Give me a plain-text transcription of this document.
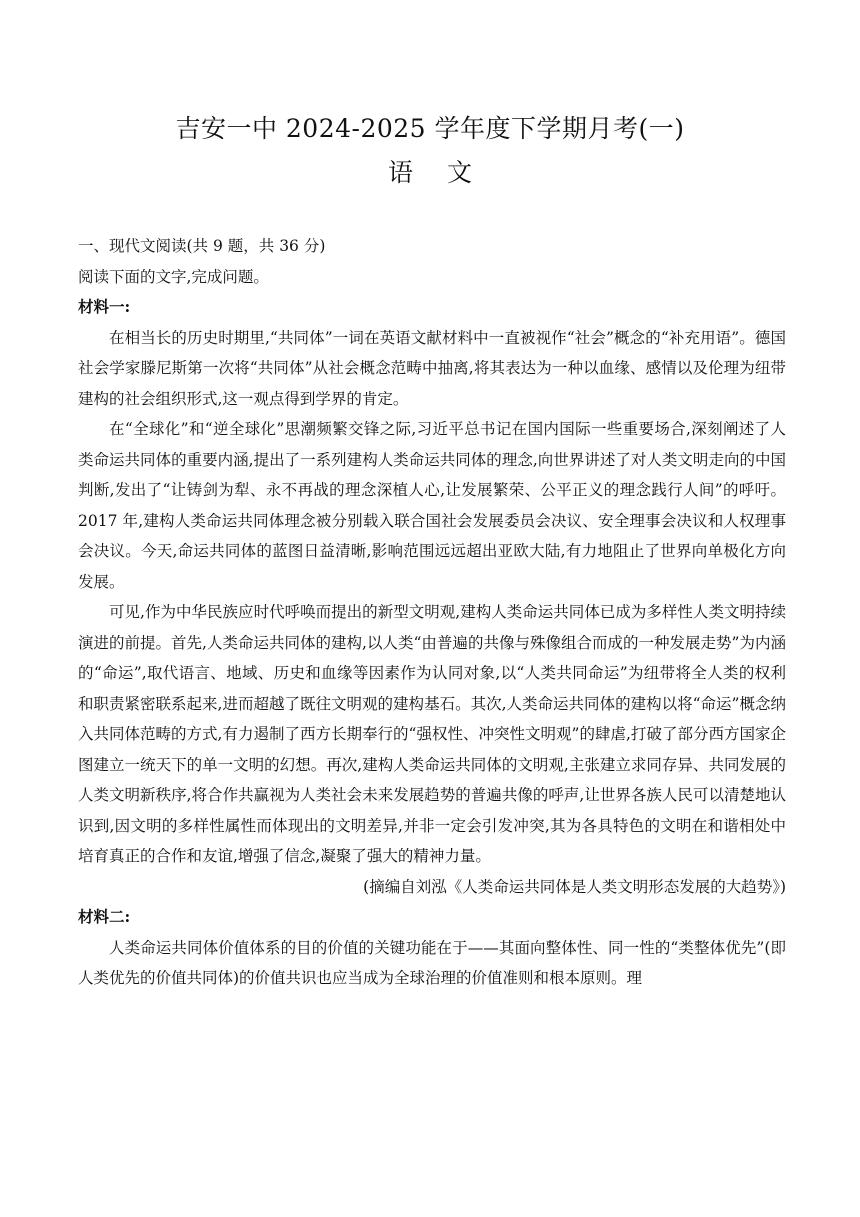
吉安一中 2024-2025 学年度下学期月考(一)
语 文

一、现代文阅读(共 9 题，共 36 分)

阅读下面的文字,完成问题。

材料一:

在相当长的历史时期里,“共同体”一词在英语文献材料中一直被视作“社会”概念的“补充用语”。德国社会学家滕尼斯第一次将“共同体”从社会概念范畴中抽离,将其表达为一种以血缘、感情以及伦理为纽带建构的社会组织形式,这一观点得到学界的肯定。

在“全球化”和“逆全球化”思潮频繁交锋之际,习近平总书记在国内国际一些重要场合,深刻阐述了人类命运共同体的重要内涵,提出了一系列建构人类命运共同体的理念,向世界讲述了对人类文明走向的中国判断,发出了“让铸剑为犁、永不再战的理念深植人心,让发展繁荣、公平正义的理念践行人间”的呼吁。2017 年,建构人类命运共同体理念被分别载入联合国社会发展委员会决议、安全理事会决议和人权理事会决议。今天,命运共同体的蓝图日益清晰,影响范围远远超出亚欧大陆,有力地阻止了世界向单极化方向发展。

可见,作为中华民族应时代呼唤而提出的新型文明观,建构人类命运共同体已成为多样性人类文明持续演进的前提。首先,人类命运共同体的建构,以人类“由普遍的共像与殊像组合而成的一种发展走势”为内涵的“命运”,取代语言、地域、历史和血缘等因素作为认同对象,以“人类共同命运”为纽带将全人类的权利和职责紧密联系起来,进而超越了既往文明观的建构基石。其次,人类命运共同体的建构以将“命运”概念纳入共同体范畴的方式,有力遏制了西方长期奉行的“强权性、冲突性文明观”的肆虐,打破了部分西方国家企图建立一统天下的单一文明的幻想。再次,建构人类命运共同体的文明观,主张建立求同存异、共同发展的人类文明新秩序,将合作共赢视为人类社会未来发展趋势的普遍共像的呼声,让世界各族人民可以清楚地认识到,因文明的多样性属性而体现出的文明差异,并非一定会引发冲突,其为各具特色的文明在和谐相处中培育真正的合作和友谊,增强了信念,凝聚了强大的精神力量。

(摘编自刘泓《人类命运共同体是人类文明形态发展的大趋势》)

材料二:

人类命运共同体价值体系的目的价值的关键功能在于——其面向整体性、同一性的“类整体优先”(即人类优先的价值共同体)的价值共识也应当成为全球治理的价值准则和根本原则。理
